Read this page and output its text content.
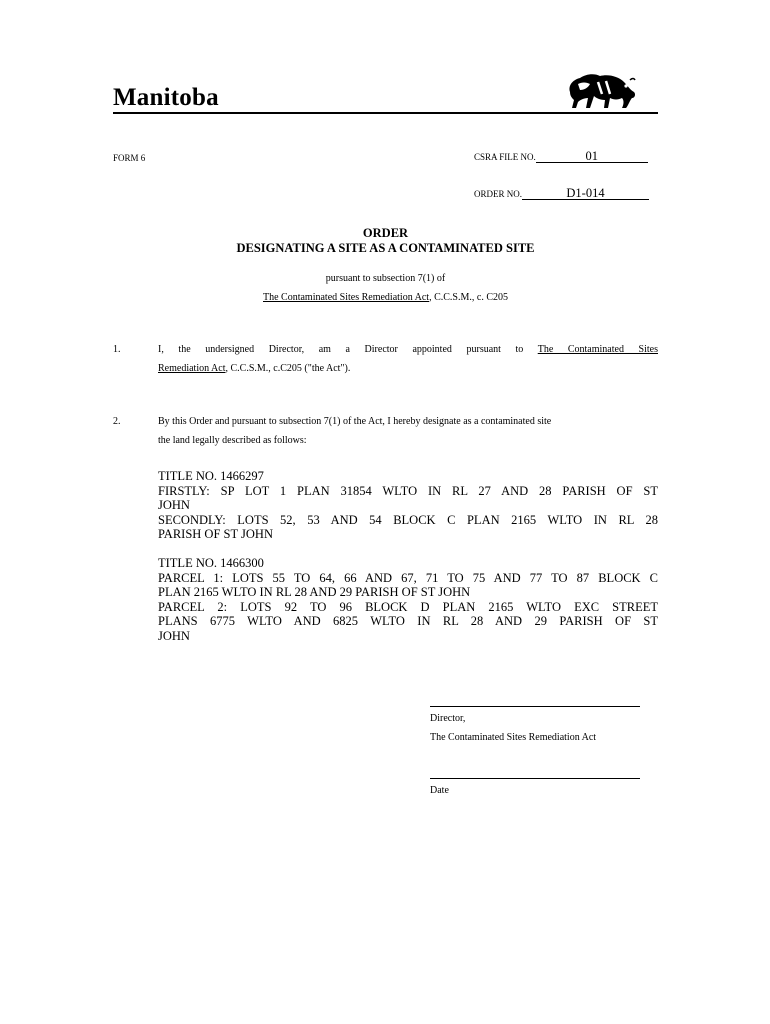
Manitoba
FORM 6	CSRA FILE NO.	01
ORDER NO.	D1-014
ORDER
DESIGNATING A SITE AS A CONTAMINATED SITE
pursuant to subsection 7(1) of
The Contaminated Sites Remediation Act, C.C.S.M., c. C205
1.	I, the undersigned Director, am a Director appointed pursuant to The Contaminated Sites
Remediation Act, C.C.S.M., c.C205 ("the Act").
2.	By this Order and pursuant to subsection 7(1) of the Act, I hereby designate as a contaminated site
the land legally described as follows:
TITLE NO. 1466297
FIRSTLY: SP LOT 1 PLAN 31854 WLTO IN RL 27 AND 28 PARISH OF ST
JOHN
SECONDLY: LOTS 52, 53 AND 54 BLOCK C PLAN 2165 WLTO IN RL 28
PARISH OF ST JOHN
TITLE NO. 1466300
PARCEL 1: LOTS 55 TO 64, 66 AND 67, 71 TO 75 AND 77 TO 87 BLOCK C
PLAN 2165 WLTO IN RL 28 AND 29 PARISH OF ST JOHN
PARCEL 2: LOTS 92 TO 96 BLOCK D PLAN 2165 WLTO EXC STREET
PLANS 6775 WLTO AND 6825 WLTO IN RL 28 AND 29 PARISH OF ST
JOHN
Director,
The Contaminated Sites Remediation Act
Date
